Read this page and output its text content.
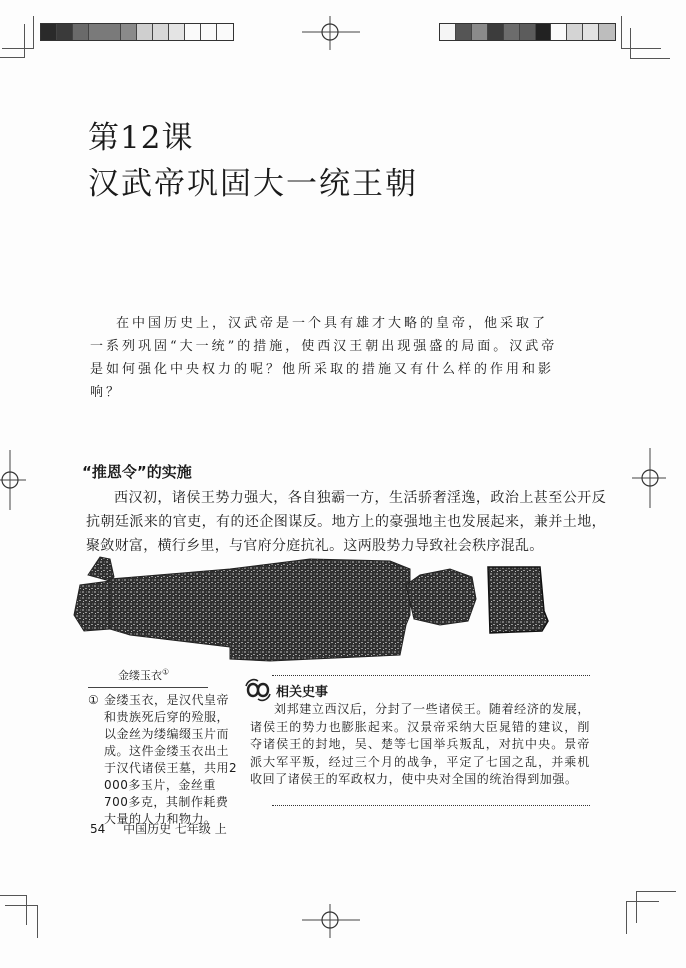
第12课
汉武帝巩固大一统王朝

在中国历史上，汉武帝是一个具有雄才大略的皇帝，他采取了一系列巩固“大一统”的措施，使西汉王朝出现强盛的局面。汉武帝是如何强化中央权力的呢？他所采取的措施又有什么样的作用和影响？

“推恩令”的实施

西汉初，诸侯王势力强大，各自独霸一方，生活骄奢淫逸，政治上甚至公开反抗朝廷派来的官吏，有的还企图谋反。地方上的豪强地主也发展起来，兼并土地，聚敛财富，横行乡里，与官府分庭抗礼。这两股势力导致社会秩序混乱。

金缕玉衣①
① 金缕玉衣，是汉代皇帝和贵族死后穿的殓服，以金丝为缕编缀玉片而成。这件金缕玉衣出土于汉代诸侯王墓，共用2 000多玉片，金丝重700多克，其制作耗费大量的人力和物力。
相关史事

刘邦建立西汉后，分封了一些诸侯王。随着经济的发展，诸侯王的势力也膨胀起来。汉景帝采纳大臣晁错的建议，削夺诸侯王的封地，吴、楚等七国举兵叛乱，对抗中央。景帝派大军平叛，经过三个月的战争，平定了七国之乱，并乘机收回了诸侯王的军政权力，使中央对全国的统治得到加强。

54 中国历史 七年级 上
